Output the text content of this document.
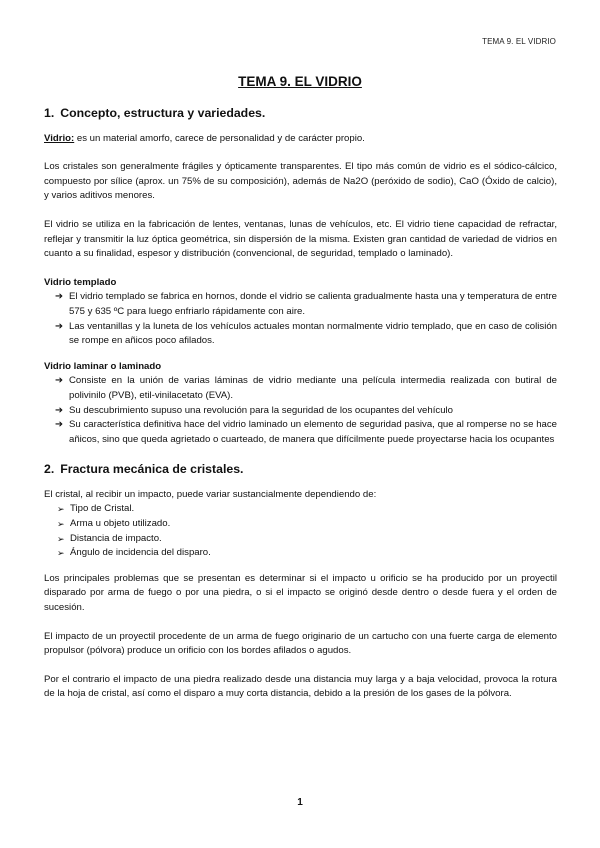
TEMA 9. EL VIDRIO
TEMA 9. EL VIDRIO
1. Concepto, estructura y variedades.

Vidrio: es un material amorfo, carece de personalidad y de carácter propio.

Los cristales son generalmente frágiles y ópticamente transparentes. El tipo más común de vidrio es el sódico-cálcico, compuesto por sílice (aprox. un 75% de su composición), además de Na2O (peróxido de sodio), CaO (Óxido de calcio), y varios aditivos menores.

El vidrio se utiliza en la fabricación de lentes, ventanas, lunas de vehículos, etc. El vidrio tiene capacidad de refractar, reflejar y transmitir la luz óptica geométrica, sin dispersión de la misma. Existen gran cantidad de variedad de vidrios en cuanto a su finalidad, espesor y distribución (convencional, de seguridad, templado o laminado).

Vidrio templado
➔ El vidrio templado se fabrica en hornos, donde el vidrio se calienta gradualmente hasta una y temperatura de entre 575 y 635 ºC para luego enfriarlo rápidamente con aire.
➔ Las ventanillas y la luneta de los vehículos actuales montan normalmente vidrio templado, que en caso de colisión se rompe en añicos poco afilados.
Vidrio laminar o laminado
➔ Consiste en la unión de varias láminas de vidrio mediante una película intermedia realizada con butiral de polivinilo (PVB), etil-vinilacetato (EVA).
➔ Su descubrimiento supuso una revolución para la seguridad de los ocupantes del vehículo
➔ Su característica definitiva hace del vidrio laminado un elemento de seguridad pasiva, que al romperse no se hace añicos, sino que queda agrietado o cuarteado, de manera que difícilmente puede proyectarse hacia los ocupantes
2. Fractura mecánica de cristales.

El cristal, al recibir un impacto, puede variar sustancialmente dependiendo de:

➢ Tipo de Cristal.
➢ Arma u objeto utilizado.
➢ Distancia de impacto.
➢ Ángulo de incidencia del disparo.

Los principales problemas que se presentan es determinar si el impacto u orificio se ha producido por un proyectil disparado por arma de fuego o por una piedra, o si el impacto se originó desde dentro o desde fuera y el orden de sucesión.

El impacto de un proyectil procedente de un arma de fuego originario de un cartucho con una fuerte carga de elemento propulsor (pólvora) produce un orificio con los bordes afilados o agudos.

Por el contrario el impacto de una piedra realizado desde una distancia muy larga y a baja velocidad, provoca la rotura de la hoja de cristal, así como el disparo a muy corta distancia, debido a la presión de los gases de la pólvora.

1
